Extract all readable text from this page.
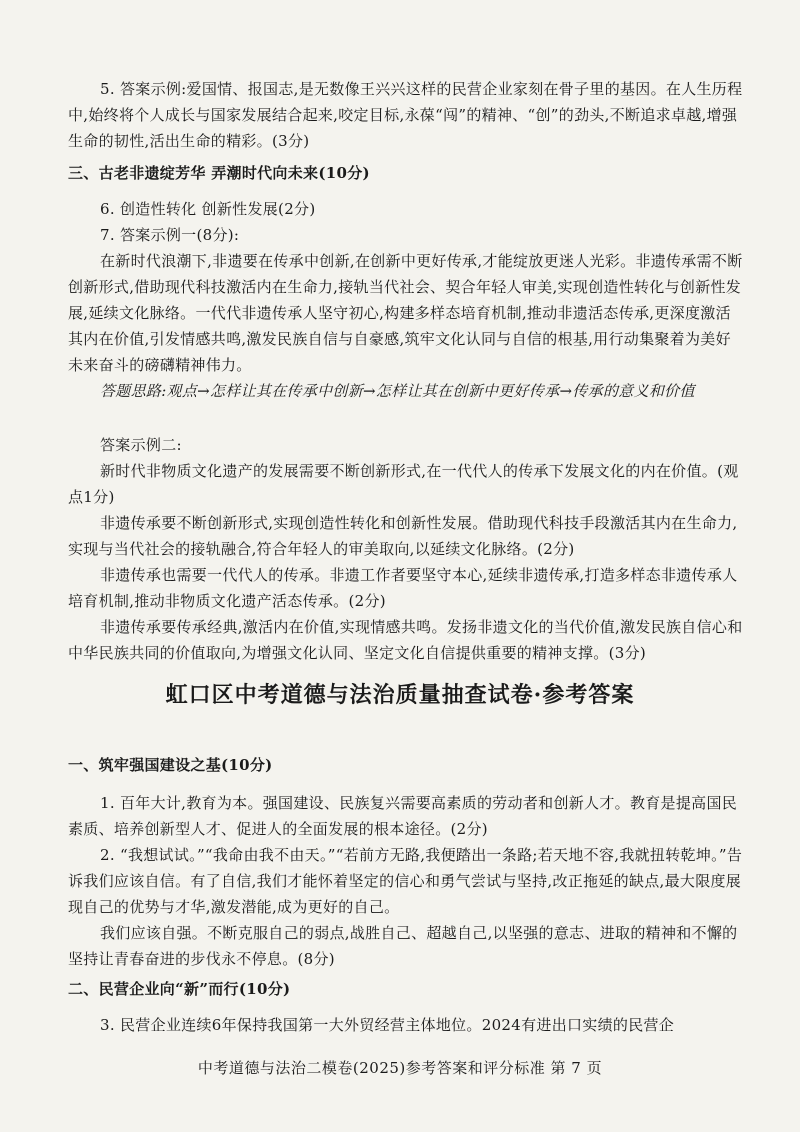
5. 答案示例:爱国情、报国志,是无数像王兴兴这样的民营企业家刻在骨子里的基因。在人生历程中,始终将个人成长与国家发展结合起来,咬定目标,永葆“闯”的精神、“创”的劲头,不断追求卓越,增强生命的韧性,活出生命的精彩。(3分)

三、古老非遗绽芳华 弄潮时代向未来(10分)

6. 创造性转化 创新性发展(2分)

7. 答案示例一(8分):

在新时代浪潮下,非遗要在传承中创新,在创新中更好传承,才能绽放更迷人光彩。非遗传承需不断创新形式,借助现代科技激活内在生命力,接轨当代社会、契合年轻人审美,实现创造性转化与创新性发展,延续文化脉络。一代代非遗传承人坚守初心,构建多样态培育机制,推动非遗活态传承,更深度激活其内在价值,引发情感共鸣,激发民族自信与自豪感,筑牢文化认同与自信的根基,用行动集聚着为美好未来奋斗的磅礴精神伟力。

答题思路:观点→怎样让其在传承中创新→怎样让其在创新中更好传承→传承的意义和价值

答案示例二:

新时代非物质文化遗产的发展需要不断创新形式,在一代代人的传承下发展文化的内在价值。(观点1分)

非遗传承要不断创新形式,实现创造性转化和创新性发展。借助现代科技手段激活其内在生命力,实现与当代社会的接轨融合,符合年轻人的审美取向,以延续文化脉络。(2分)

非遗传承也需要一代代人的传承。非遗工作者要坚守本心,延续非遗传承,打造多样态非遗传承人培育机制,推动非物质文化遗产活态传承。(2分)

非遗传承要传承经典,激活内在价值,实现情感共鸣。发扬非遗文化的当代价值,激发民族自信心和中华民族共同的价值取向,为增强文化认同、坚定文化自信提供重要的精神支撑。(3分)

虹口区中考道德与法治质量抽查试卷·参考答案

一、筑牢强国建设之基(10分)

1. 百年大计,教育为本。强国建设、民族复兴需要高素质的劳动者和创新人才。教育是提高国民素质、培养创新型人才、促进人的全面发展的根本途径。(2分)

2. “我想试试。”“我命由我不由天。”“若前方无路,我便踏出一条路;若天地不容,我就扭转乾坤。”告诉我们应该自信。有了自信,我们才能怀着坚定的信心和勇气尝试与坚持,改正拖延的缺点,最大限度展现自己的优势与才华,激发潜能,成为更好的自己。

我们应该自强。不断克服自己的弱点,战胜自己、超越自己,以坚强的意志、进取的精神和不懈的坚持让青春奋进的步伐永不停息。(8分)

二、民营企业向“新”而行(10分)

3. 民营企业连续6年保持我国第一大外贸经营主体地位。2024有进出口实绩的民营企

中考道德与法治二模卷(2025)参考答案和评分标准 第 7 页
